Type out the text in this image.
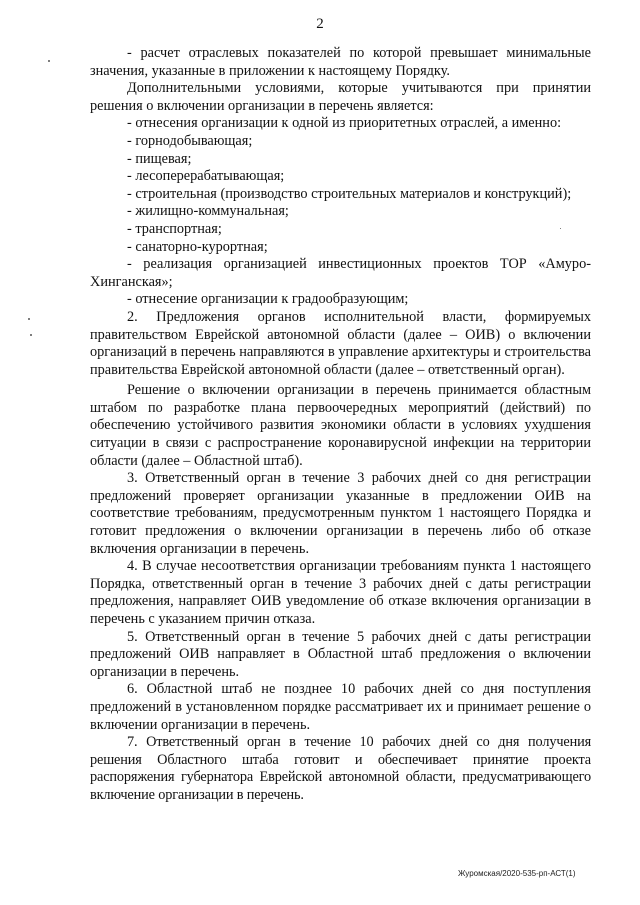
2

- расчет отраслевых показателей по которой превышает минимальные значения, указанные в приложении к настоящему Порядку.

Дополнительными условиями, которые учитываются при принятии решения о включении организации в перечень является:

- отнесения организации к одной из приоритетных отраслей, а именно:

- горнодобывающая;

- пищевая;

- лесоперерабатывающая;

- строительная (производство строительных материалов и конструкций);

- жилищно-коммунальная;

- транспортная;

- санаторно-курортная;

- реализация организацией инвестиционных проектов ТОР «Амуро-Хинганская»;

- отнесение организации к градообразующим;

2. Предложения органов исполнительной власти, формируемых правительством Еврейской автономной области (далее – ОИВ) о включении организаций в перечень направляются в управление архитектуры и строительства правительства Еврейской автономной области (далее – ответственный орган).

Решение о включении организации в перечень принимается областным штабом по разработке плана первоочередных мероприятий (действий) по обеспечению устойчивого развития экономики области в условиях ухудшения ситуации в связи с распространение коронавирусной инфекции на территории области (далее – Областной штаб).

3. Ответственный орган в течение 3 рабочих дней со дня регистрации предложений проверяет организации указанные в предложении ОИВ на соответствие требованиям, предусмотренным пунктом 1 настоящего Порядка и готовит предложения о включении организации в перечень либо об отказе включения организации в перечень.

4. В случае несоответствия организации требованиям пункта 1 настоящего Порядка, ответственный орган в течение 3 рабочих дней с даты регистрации предложения, направляет ОИВ уведомление об отказе включения организации в перечень с указанием причин отказа.

5. Ответственный орган в течение 5 рабочих дней с даты регистрации предложений ОИВ направляет в Областной штаб предложения о включении организации в перечень.

6. Областной штаб не позднее 10 рабочих дней со дня поступления предложений в установленном порядке рассматривает их и принимает решение о включении организации в перечень.

7. Ответственный орган в течение 10 рабочих дней со дня получения решения Областного штаба готовит и обеспечивает принятие проекта распоряжения губернатора Еврейской автономной области, предусматривающего включение организации в перечень.

Журомская/2020-535-рп-АСТ(1)
